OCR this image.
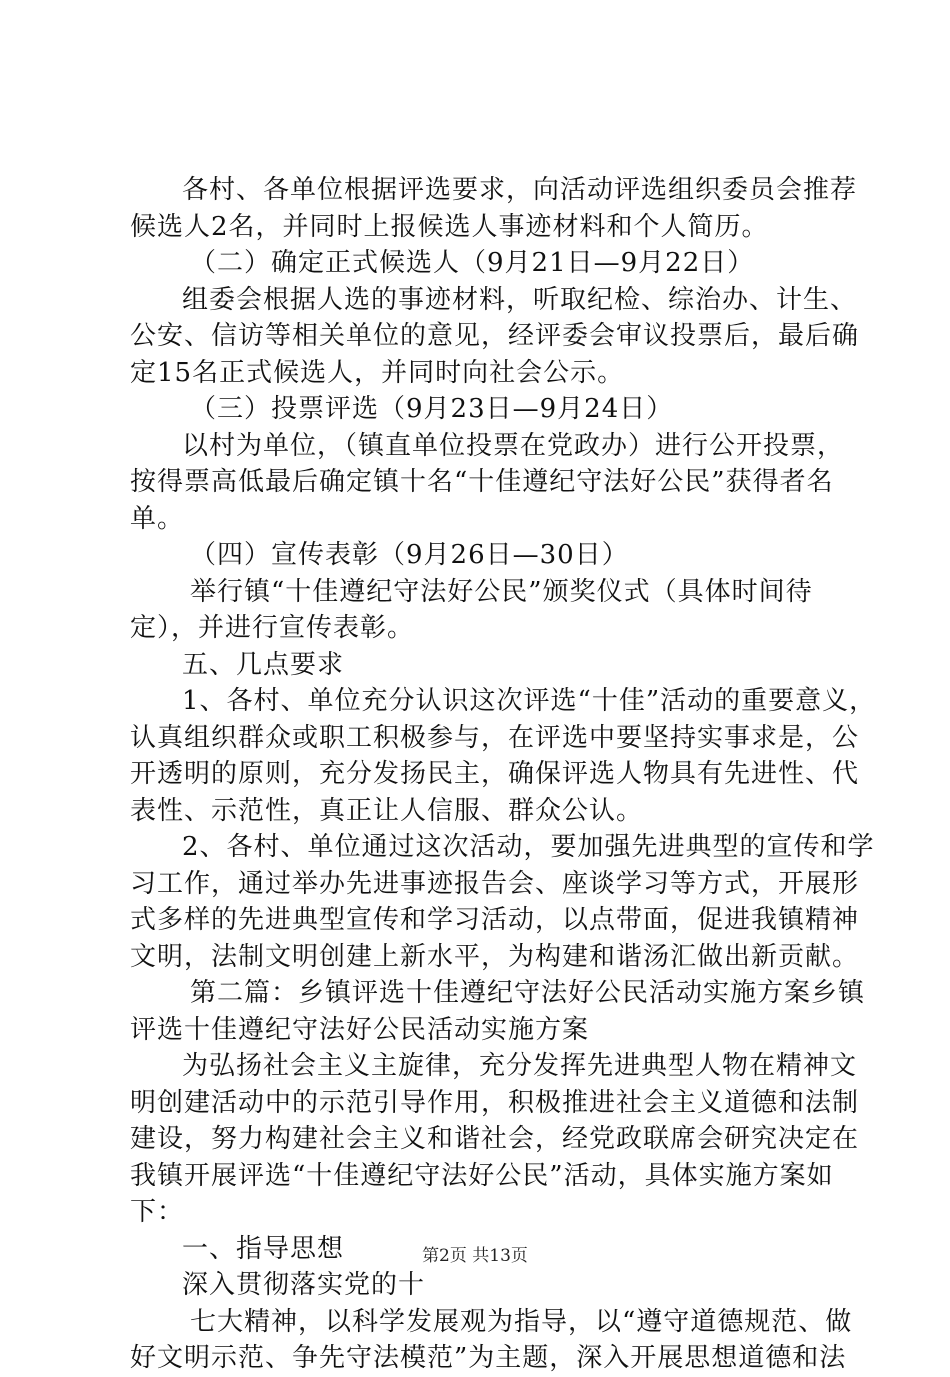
各村、各单位根据评选要求，向活动评选组织委员会推荐
候选人2名，并同时上报候选人事迹材料和个人简历。
（二）确定正式候选人（9月21日—9月22日）
组委会根据人选的事迹材料，听取纪检、综治办、计生、
公安、信访等相关单位的意见，经评委会审议投票后，最后确
定15名正式候选人，并同时向社会公示。
（三）投票评选（9月23日—9月24日）
以村为单位，（镇直单位投票在党政办）进行公开投票，
按得票高低最后确定镇十名“十佳遵纪守法好公民”获得者名
单。
（四）宣传表彰（9月26日—30日）
举行镇“十佳遵纪守法好公民”颁奖仪式（具体时间待
定），并进行宣传表彰。
五、几点要求
1、各村、单位充分认识这次评选“十佳”活动的重要意义，
认真组织群众或职工积极参与，在评选中要坚持实事求是，公
开透明的原则，充分发扬民主，确保评选人物具有先进性、代
表性、示范性，真正让人信服、群众公认。
2、各村、单位通过这次活动，要加强先进典型的宣传和学
习工作，通过举办先进事迹报告会、座谈学习等方式，开展形
式多样的先进典型宣传和学习活动，以点带面，促进我镇精神
文明，法制文明创建上新水平，为构建和谐汤汇做出新贡献。
第二篇：乡镇评选十佳遵纪守法好公民活动实施方案乡镇
评选十佳遵纪守法好公民活动实施方案
为弘扬社会主义主旋律，充分发挥先进典型人物在精神文
明创建活动中的示范引导作用，积极推进社会主义道德和法制
建设，努力构建社会主义和谐社会，经党政联席会研究决定在
我镇开展评选“十佳遵纪守法好公民”活动，具体实施方案如
下：
一、指导思想
深入贯彻落实党的十
七大精神，以科学发展观为指导，以“遵守道德规范、做
好文明示范、争先守法模范”为主题，深入开展思想道德和法
第2页 共13页
